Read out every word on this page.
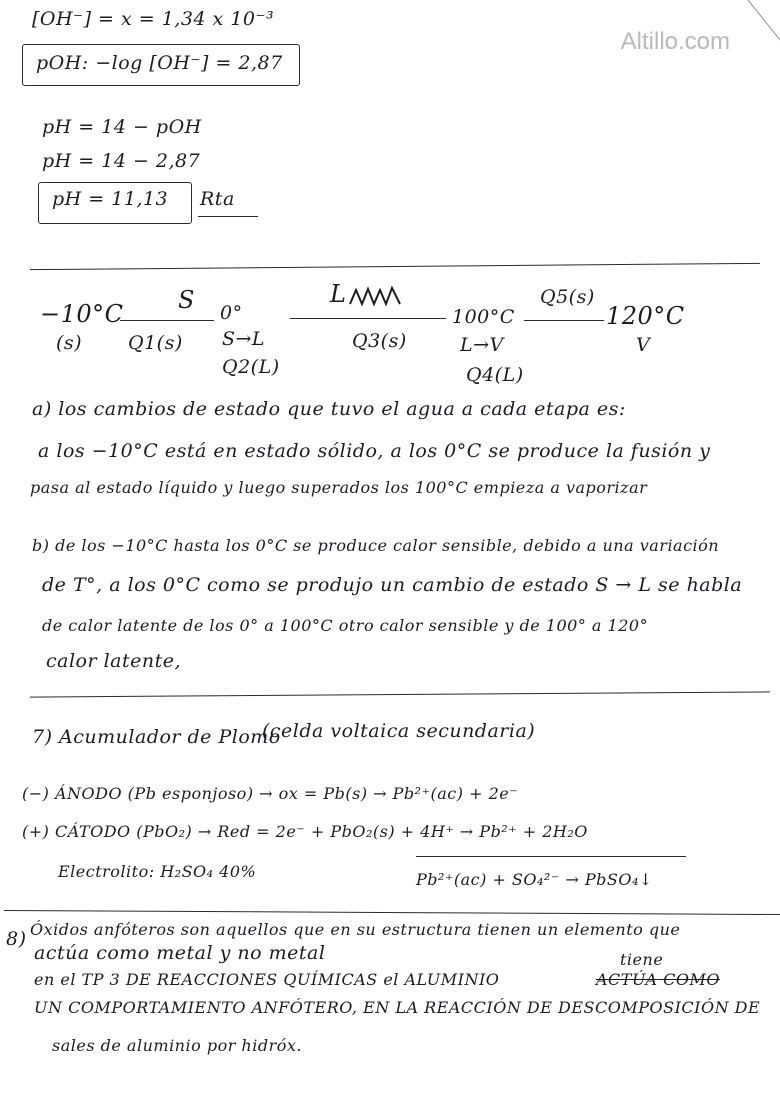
Altillo.com
[OH⁻] = x = 1,34 x 10⁻³
pOH: −log [OH⁻] = 2,87
pH = 14 − pOH
pH = 14 − 2,87
pH = 11,13 Rta
−10°C
(s)
S
Q1(s)
0°
S→L
Q2(L)
L
Q3(s)
100°C
L→V
Q4(L)
Q5(s)
120°C
V
a) los cambios de estado que tuvo el agua a cada etapa es:
a los −10°C está en estado sólido, a los 0°C se produce la fusión y
pasa al estado líquido y luego superados los 100°C empieza a vaporizar
b) de los −10°C hasta los 0°C se produce calor sensible, debido a una variación
de T°, a los 0°C como se produjo un cambio de estado S → L se habla
de calor latente de los 0° a 100°C otro calor sensible y de 100° a 120°
calor latente,
7) Acumulador de Plomo
(celda voltaica secundaria)
(−) ÁNODO (Pb esponjoso) → ox = Pb(s) → Pb²⁺(ac) + 2e⁻
(+) CÁTODO (PbO₂) → Red = 2e⁻ + PbO₂(s) + 4H⁺ → Pb²⁺ + 2H₂O
Electrolito: H₂SO₄ 40%	Pb²⁺(ac) + SO₄²⁻ → PbSO₄↓
8) Óxidos anfóteros son aquellos que en su estructura tienen un elemento que
actúa como metal y no metal	tiene
en el TP 3 DE REACCIONES QUÍMICAS el ALUMINIO	ACTÚA COMO
UN COMPORTAMIENTO ANFÓTERO, EN LA REACCIÓN DE DESCOMPOSICIÓN DE
sales de aluminio por hidróx.
